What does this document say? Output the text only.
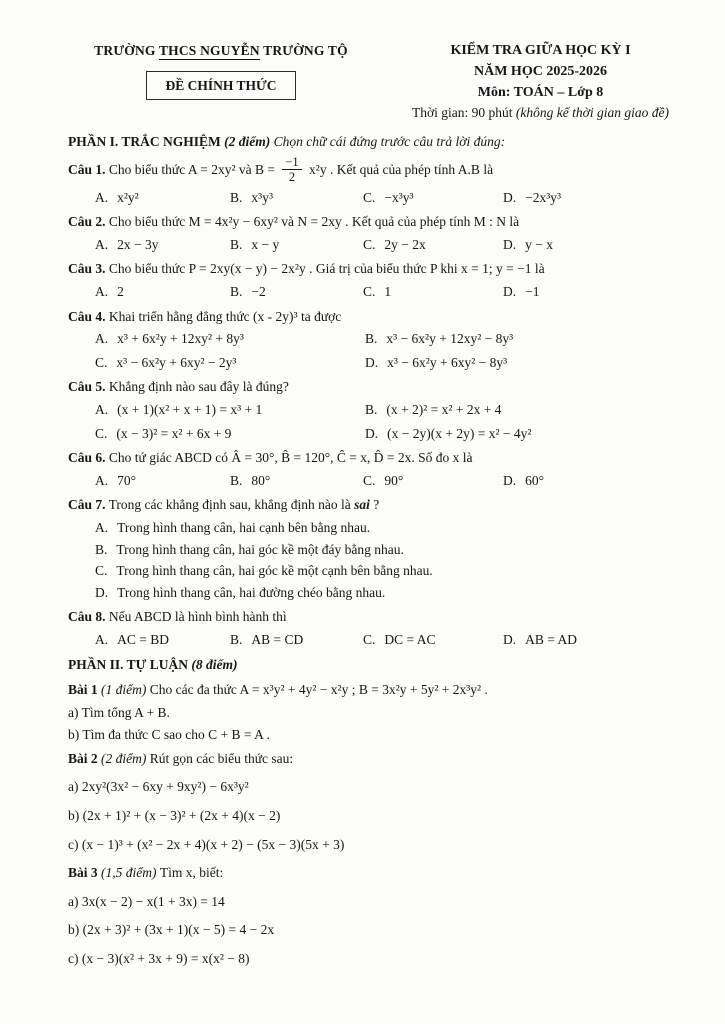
TRƯỜNG THCS NGUYỄN TRƯỜNG TỘ
ĐỀ CHÍNH THỨC
KIỂM TRA GIỮA HỌC KỲ I
NĂM HỌC 2025-2026
Môn: TOÁN – Lớp 8
Thời gian: 90 phút (không kể thời gian giao đề)
PHẦN I. TRẮC NGHIỆM (2 điểm) Chọn chữ cái đứng trước câu trả lời đúng:
Câu 1. Cho biểu thức A = 2xy² và $B = \frac{-1}{2} x^2y$ . Kết quả của phép tính A.B là
A. x²y²	B. x³y³	C. −x³y³	D. −2x³y³
Câu 2. Cho biểu thức M = 4x²y − 6xy² và N = 2xy . Kết quả của phép tính M : N là
A. 2x − 3y	B. x − y	C. 2y − 2x	D. y − x
Câu 3. Cho biểu thức P = 2xy(x − y) − 2x²y . Giá trị của biểu thức P khi x = 1; y = −1 là
A. 2	B. −2	C. 1	D. −1
Câu 4. Khai triển hằng đẳng thức (x - 2y)³ ta được
A. x³ + 6x²y + 12xy² + 8y³	B. x³ − 6x²y + 12xy² − 8y³
C. x³ − 6x²y + 6xy² − 2y³	D. x³ − 6x²y + 6xy² − 8y³
Câu 5. Khẳng định nào sau đây là đúng?
A. (x + 1)(x² + x + 1) = x³ + 1	B. (x + 2)² = x² + 2x + 4
C. (x − 3)² = x² + 6x + 9	D. (x − 2y)(x + 2y) = x² − 4y²
Câu 6. Cho tứ giác ABCD có Â = 30°, B̂ = 120°, Ĉ = x, D̂ = 2x. Số đo x là
A. 70°	B. 80°	C. 90°	D. 60°
Câu 7. Trong các khẳng định sau, khẳng định nào là sai ?
A. Trong hình thang cân, hai cạnh bên bằng nhau.
B. Trong hình thang cân, hai góc kề một đáy bằng nhau.
C. Trong hình thang cân, hai góc kề một cạnh bên bằng nhau.
D. Trong hình thang cân, hai đường chéo bằng nhau.
Câu 8. Nếu ABCD là hình bình hành thì
A. AC = BD	B. AB = CD	C. DC = AC	D. AB = AD
PHẦN II. TỰ LUẬN (8 điểm)
Bài 1 (1 điểm) Cho các đa thức A = x³y² + 4y² − x²y ; B = 3x²y + 5y² + 2x³y² .
a) Tìm tổng A + B.
b) Tìm đa thức C sao cho C + B = A .
Bài 2 (2 điểm) Rút gọn các biểu thức sau:
a) 2xy²(3x² − 6xy + 9xy²) − 6x³y²
b) (2x + 1)² + (x − 3)² + (2x + 4)(x − 2)
c) (x − 1)³ + (x² − 2x + 4)(x + 2) − (5x − 3)(5x + 3)
Bài 3 (1,5 điểm) Tìm x, biết:
a) 3x(x − 2) − x(1 + 3x) = 14
b) (2x + 3)² + (3x + 1)(x − 5) = 4 − 2x
c) (x − 3)(x² + 3x + 9) = x(x² − 8)
